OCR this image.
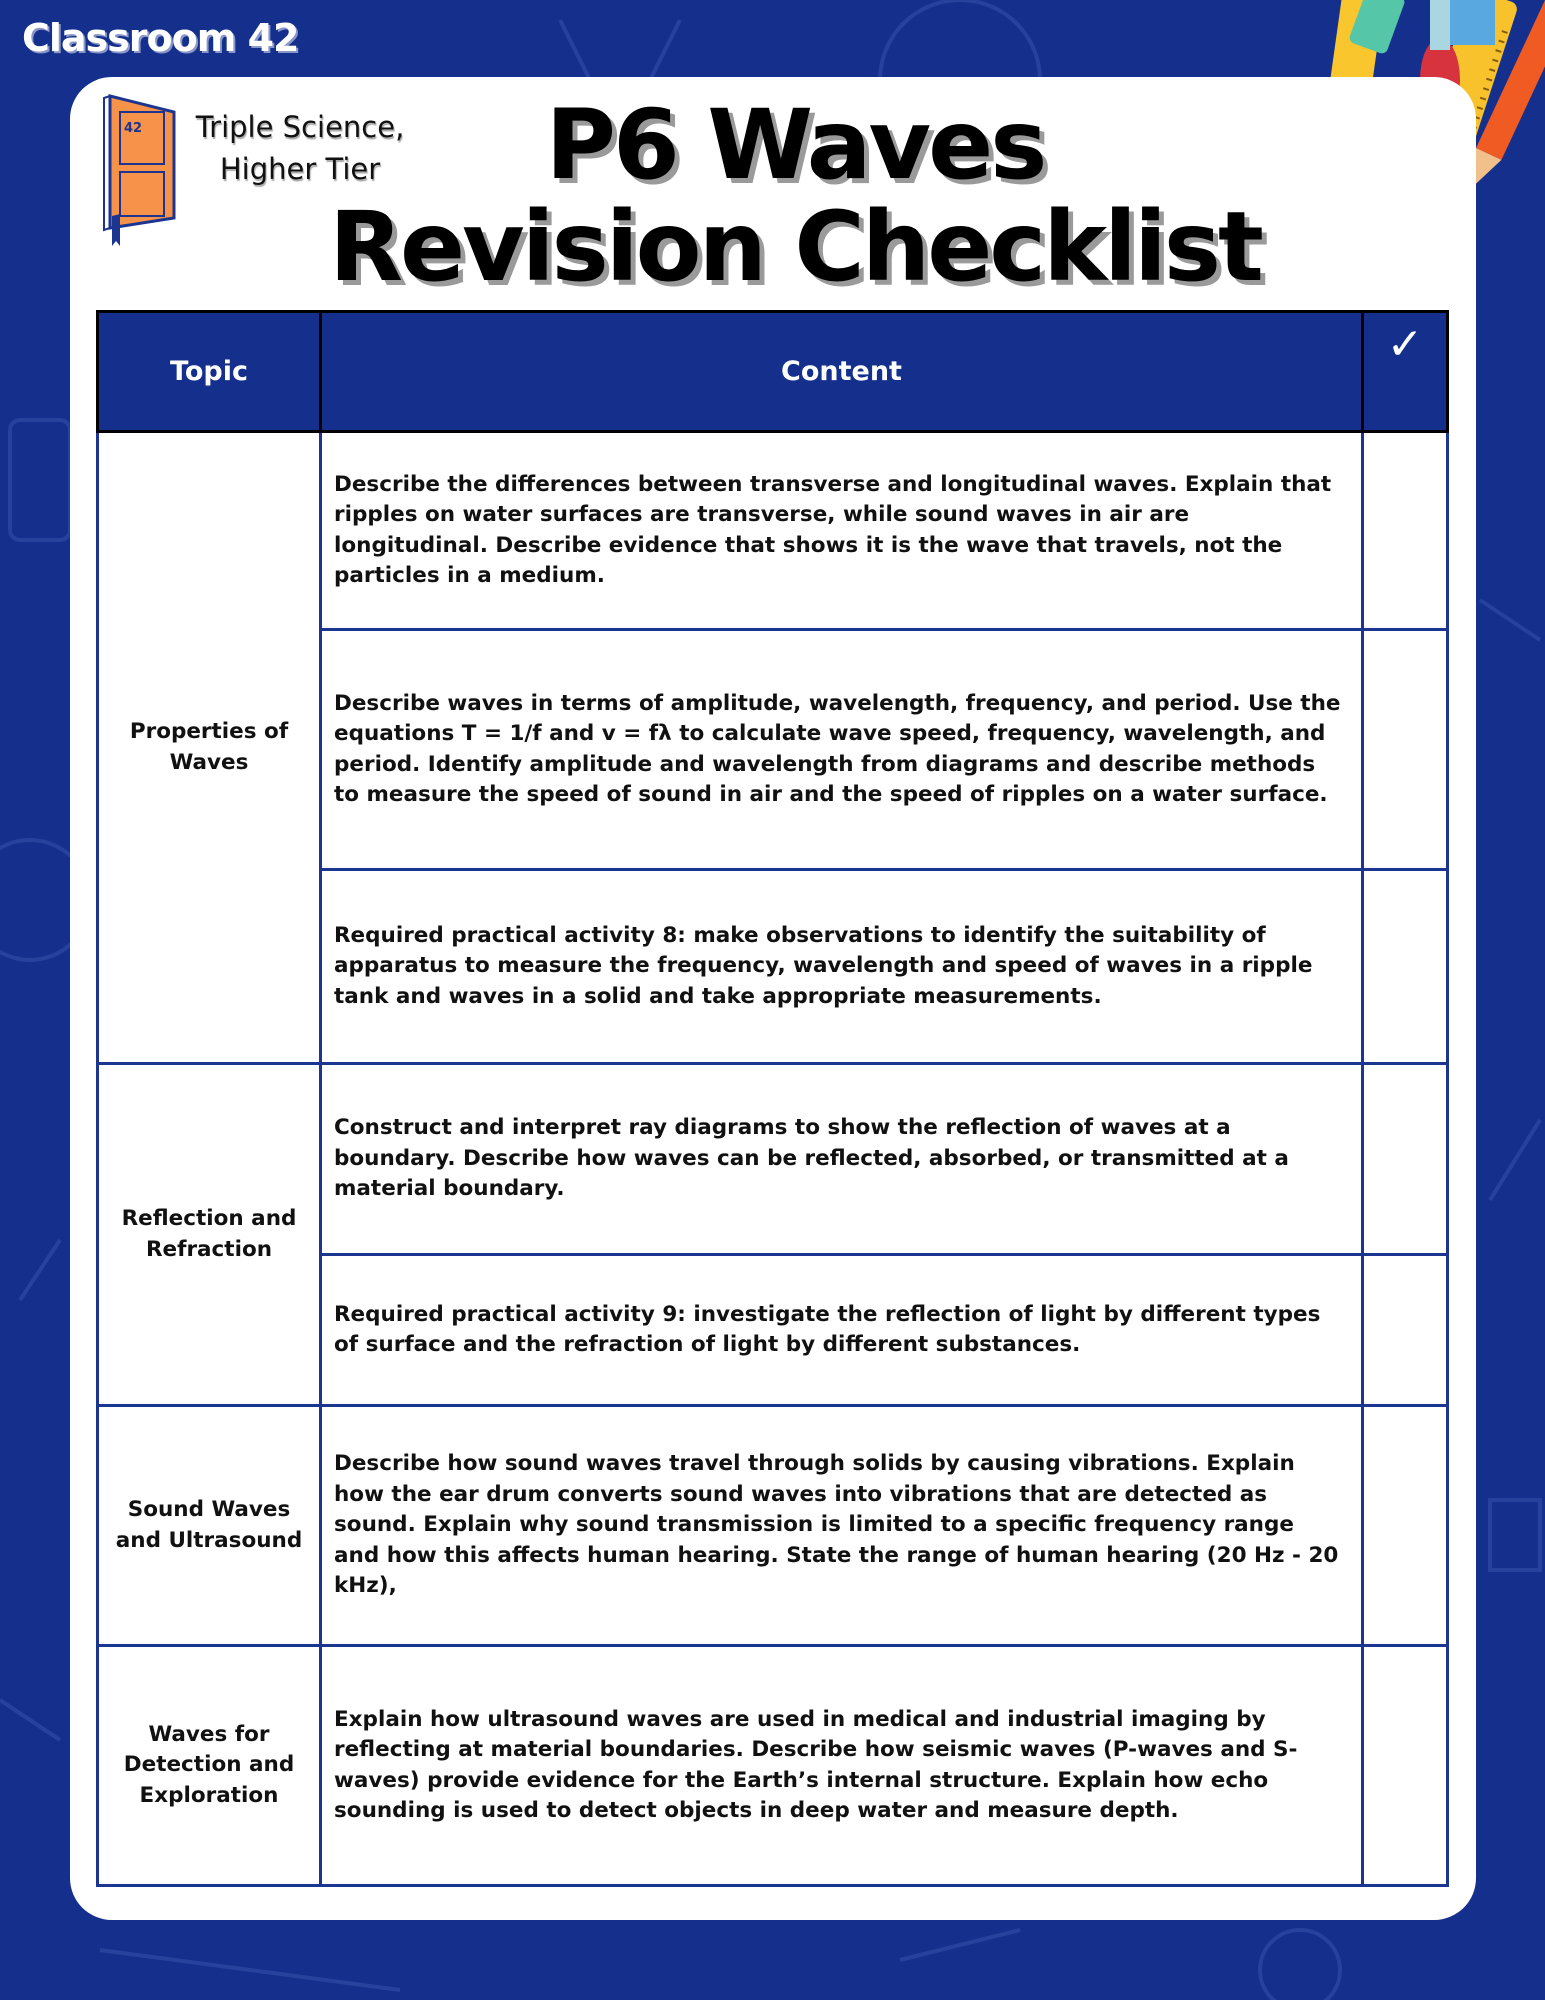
Classroom 42
42	Triple Science,
Higher Tier	P6 Waves
Revision Checklist
Topic	Content	✓
Properties of Waves	Describe the differences between transverse and longitudinal waves. Explain that ripples on water surfaces are transverse, while sound waves in air are longitudinal. Describe evidence that shows it is the wave that travels, not the particles in a medium.	
	Describe waves in terms of amplitude, wavelength, frequency, and period. Use the equations T = 1/f and v = fλ to calculate wave speed, frequency, wavelength, and period. Identify amplitude and wavelength from diagrams and describe methods to measure the speed of sound in air and the speed of ripples on a water surface.	
	Required practical activity 8: make observations to identify the suitability of apparatus to measure the frequency, wavelength and speed of waves in a ripple tank and waves in a solid and take appropriate measurements.	
Reflection and Refraction	Construct and interpret ray diagrams to show the reflection of waves at a boundary. Describe how waves can be reflected, absorbed, or transmitted at a material boundary.	
	Required practical activity 9: investigate the reflection of light by different types of surface and the refraction of light by different substances.	
Sound Waves and Ultrasound	Describe how sound waves travel through solids by causing vibrations. Explain how the ear drum converts sound waves into vibrations that are detected as sound. Explain why sound transmission is limited to a specific frequency range and how this affects human hearing. State the range of human hearing (20 Hz - 20 kHz),	
Waves for Detection and Exploration	Explain how ultrasound waves are used in medical and industrial imaging by reflecting at material boundaries. Describe how seismic waves (P-waves and S-waves) provide evidence for the Earth’s internal structure. Explain how echo sounding is used to detect objects in deep water and measure depth.	
